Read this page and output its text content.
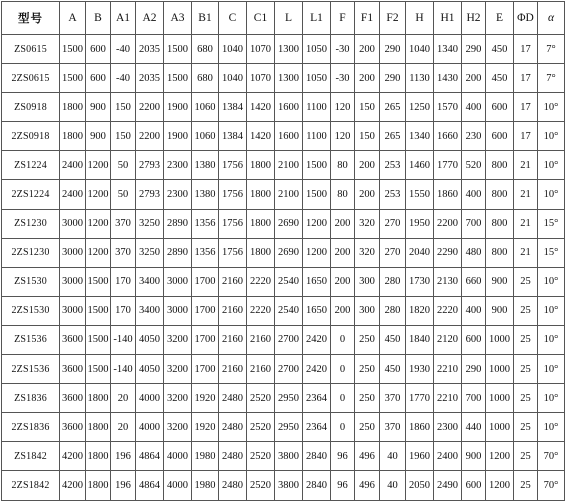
型号	A	B	A1	A2	A3	B1	C	C1	L	L1	F	F1	F2	H	H1	H2	E	ΦD	α
ZS0615	1500	600	-40	2035	1500	680	1040	1070	1300	1050	-30	200	290	1040	1340	290	450	17	7°
2ZS0615	1500	600	-40	2035	1500	680	1040	1070	1300	1050	-30	200	290	1130	1430	200	450	17	7°
ZS0918	1800	900	150	2200	1900	1060	1384	1420	1600	1100	120	150	265	1250	1570	400	600	17	10°
2ZS0918	1800	900	150	2200	1900	1060	1384	1420	1600	1100	120	150	265	1340	1660	230	600	17	10°
ZS1224	2400	1200	50	2793	2300	1380	1756	1800	2100	1500	80	200	253	1460	1770	520	800	21	10°
2ZS1224	2400	1200	50	2793	2300	1380	1756	1800	2100	1500	80	200	253	1550	1860	400	800	21	10°
ZS1230	3000	1200	370	3250	2890	1356	1756	1800	2690	1200	200	320	270	1950	2200	700	800	21	15°
2ZS1230	3000	1200	370	3250	2890	1356	1756	1800	2690	1200	200	320	270	2040	2290	480	800	21	15°
ZS1530	3000	1500	170	3400	3000	1700	2160	2220	2540	1650	200	300	280	1730	2130	660	900	25	10°
2ZS1530	3000	1500	170	3400	3000	1700	2160	2220	2540	1650	200	300	280	1820	2220	400	900	25	10°
ZS1536	3600	1500	-140	4050	3200	1700	2160	2160	2700	2420	0	250	450	1840	2120	600	1000	25	10°
2ZS1536	3600	1500	-140	4050	3200	1700	2160	2160	2700	2420	0	250	450	1930	2210	290	1000	25	10°
ZS1836	3600	1800	20	4000	3200	1920	2480	2520	2950	2364	0	250	370	1770	2210	700	1000	25	10°
2ZS1836	3600	1800	20	4000	3200	1920	2480	2520	2950	2364	0	250	370	1860	2300	440	1000	25	10°
ZS1842	4200	1800	196	4864	4000	1980	2480	2520	3800	2840	96	496	40	1960	2400	900	1200	25	70°
2ZS1842	4200	1800	196	4864	4000	1980	2480	2520	3800	2840	96	496	40	2050	2490	600	1200	25	70°
